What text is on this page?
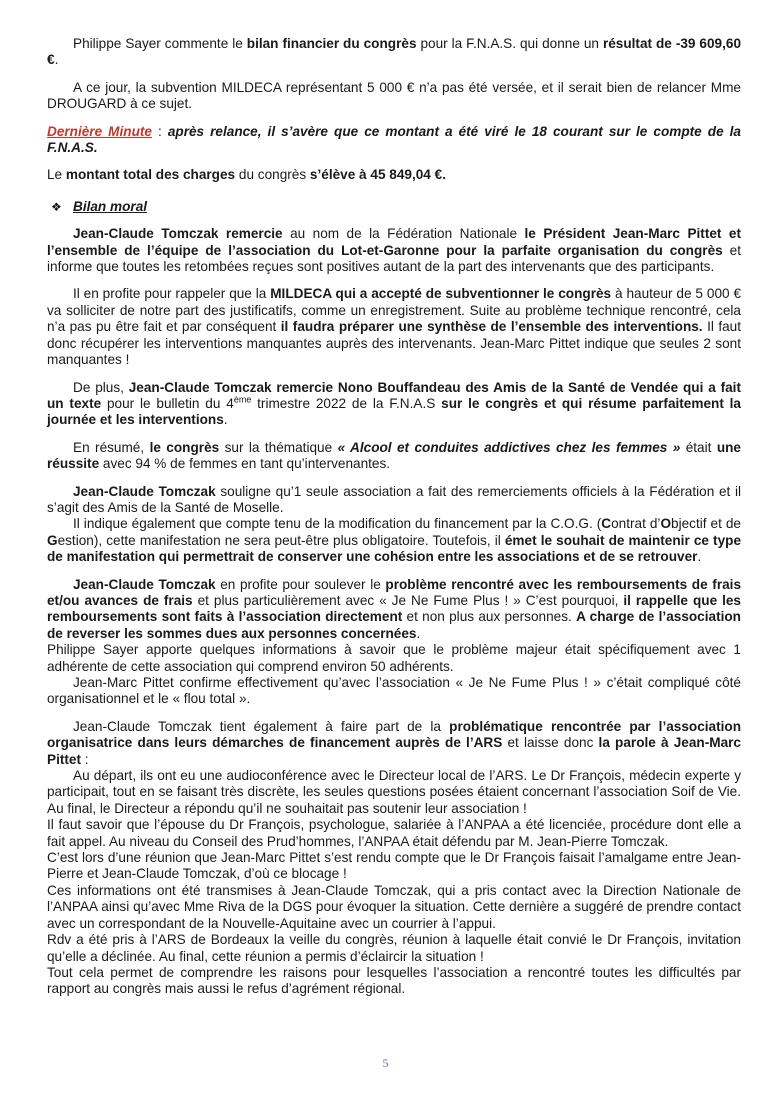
Philippe Sayer commente le bilan financier du congrès pour la F.N.A.S. qui donne un résultat de -39 609,60 €.

A ce jour, la subvention MILDECA représentant 5 000 € n’a pas été versée, et il serait bien de relancer Mme DROUGARD à ce sujet.

Dernière Minute : après relance, il s’avère que ce montant a été viré le 18 courant sur le compte de la F.N.A.S.

Le montant total des charges du congrès s’élève à 45 849,04 €.

❖ Bilan moral

Jean-Claude Tomczak remercie au nom de la Fédération Nationale le Président Jean-Marc Pittet et l’ensemble de l’équipe de l’association du Lot-et-Garonne pour la parfaite organisation du congrès et informe que toutes les retombées reçues sont positives autant de la part des intervenants que des participants.

Il en profite pour rappeler que la MILDECA qui a accepté de subventionner le congrès à hauteur de 5 000 € va solliciter de notre part des justificatifs, comme un enregistrement. Suite au problème technique rencontré, cela n’a pas pu être fait et par conséquent il faudra préparer une synthèse de l’ensemble des interventions. Il faut donc récupérer les interventions manquantes auprès des intervenants. Jean-Marc Pittet indique que seules 2 sont manquantes !

De plus, Jean-Claude Tomczak remercie Nono Bouffandeau des Amis de la Santé de Vendée qui a fait un texte pour le bulletin du 4ème trimestre 2022 de la F.N.A.S sur le congrès et qui résume parfaitement la journée et les interventions.

En résumé, le congrès sur la thématique « Alcool et conduites addictives chez les femmes » était une réussite avec 94 % de femmes en tant qu’intervenantes.

Jean-Claude Tomczak souligne qu’1 seule association a fait des remerciements officiels à la Fédération et il s’agit des Amis de la Santé de Moselle.

Il indique également que compte tenu de la modification du financement par la C.O.G. (Contrat d’Objectif et de Gestion), cette manifestation ne sera peut-être plus obligatoire. Toutefois, il émet le souhait de maintenir ce type de manifestation qui permettrait de conserver une cohésion entre les associations et de se retrouver.

Jean-Claude Tomczak en profite pour soulever le problème rencontré avec les remboursements de frais et/ou avances de frais et plus particulièrement avec « Je Ne Fume Plus ! » C’est pourquoi, il rappelle que les remboursements sont faits à l’association directement et non plus aux personnes. A charge de l’association de reverser les sommes dues aux personnes concernées.

Philippe Sayer apporte quelques informations à savoir que le problème majeur était spécifiquement avec 1 adhérente de cette association qui comprend environ 50 adhérents.

Jean-Marc Pittet confirme effectivement qu’avec l’association « Je Ne Fume Plus ! » c’était compliqué côté organisationnel et le « flou total ».

Jean-Claude Tomczak tient également à faire part de la problématique rencontrée par l’association organisatrice dans leurs démarches de financement auprès de l’ARS et laisse donc la parole à Jean-Marc Pittet :

Au départ, ils ont eu une audioconférence avec le Directeur local de l’ARS. Le Dr François, médecin experte y participait, tout en se faisant très discrète, les seules questions posées étaient concernant l’association Soif de Vie. Au final, le Directeur a répondu qu’il ne souhaitait pas soutenir leur association !

Il faut savoir que l’épouse du Dr François, psychologue, salariée à l’ANPAA a été licenciée, procédure dont elle a fait appel. Au niveau du Conseil des Prud’hommes, l’ANPAA était défendu par M. Jean-Pierre Tomczak.

C’est lors d’une réunion que Jean-Marc Pittet s’est rendu compte que le Dr François faisait l’amalgame entre Jean-Pierre et Jean-Claude Tomczak, d’où ce blocage !

Ces informations ont été transmises à Jean-Claude Tomczak, qui a pris contact avec la Direction Nationale de l’ANPAA ainsi qu’avec Mme Riva de la DGS pour évoquer la situation. Cette dernière a suggéré de prendre contact avec un correspondant de la Nouvelle-Aquitaine avec un courrier à l’appui.

Rdv a été pris à l’ARS de Bordeaux la veille du congrès, réunion à laquelle était convié le Dr François, invitation qu’elle a déclinée. Au final, cette réunion a permis d’éclaircir la situation !

Tout cela permet de comprendre les raisons pour lesquelles l’association a rencontré toutes les difficultés par rapport au congrès mais aussi le refus d’agrément régional.

5
